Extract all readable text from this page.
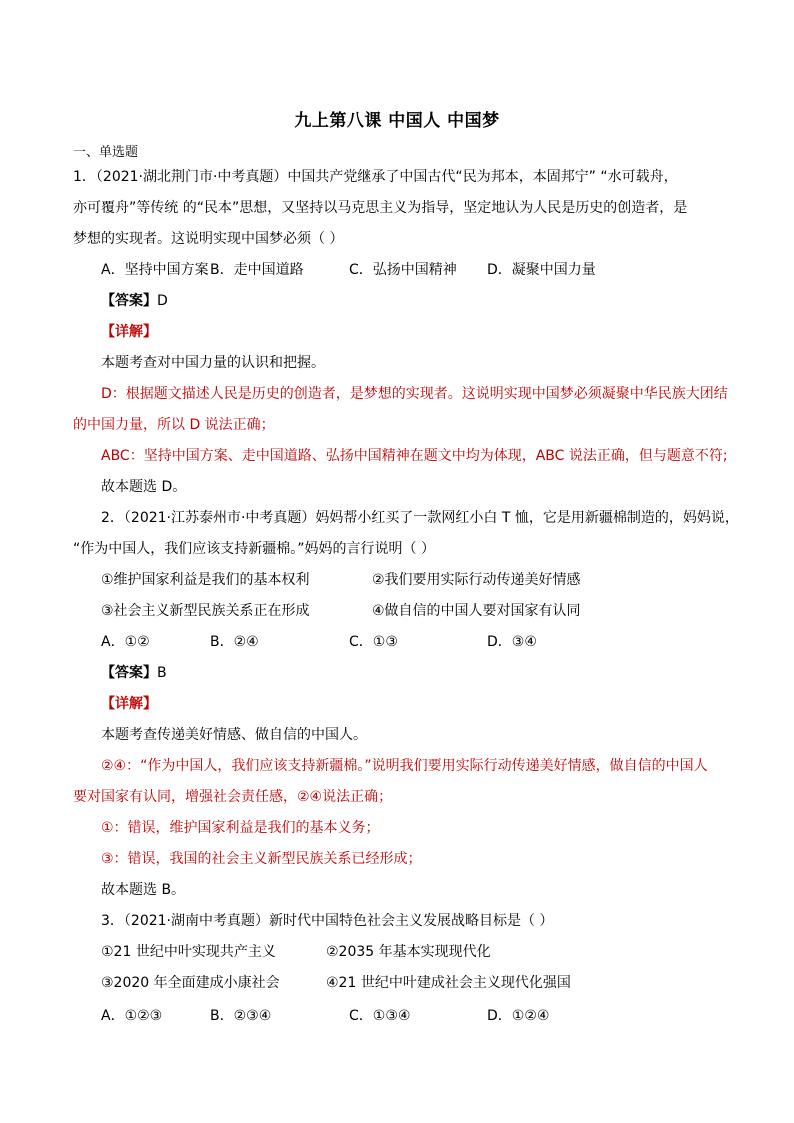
九上第八课 中国人 中国梦
一、单选题
1．（2021·湖北荆门市·中考真题）中国共产党继承了中国古代“民为邦本，本固邦宁” “水可载舟，
亦可覆舟”等传统 的“民本”思想，又坚持以马克思主义为指导，坚定地认为人民是历史的创造者，是
梦想的实现者。这说明实现中国梦必须（ ）
A．坚持中国方案 B．走中国道路	C．弘扬中国精神 D．凝聚中国力量
【答案】D
【详解】
本题考查对中国力量的认识和把握。
D：根据题文描述人民是历史的创造者，是梦想的实现者。这说明实现中国梦必须凝聚中华民族大团结
的中国力量，所以 D 说法正确；
ABC：坚持中国方案、走中国道路、弘扬中国精神在题文中均为体现，ABC 说法正确，但与题意不符;
故本题选 D。
2．（2021·江苏泰州市·中考真题）妈妈帮小红买了一款网红小白 T 恤，它是用新疆棉制造的，妈妈说，
“作为中国人，我们应该支持新疆棉。”妈妈的言行说明（ ）
①维护国家利益是我们的基本权利	②我们要用实际行动传递美好情感
③社会主义新型民族关系正在形成	④做自信的中国人要对国家有认同
A．①②	B．②④	C．①③	D．③④
【答案】B
【详解】
本题考查传递美好情感、做自信的中国人。
②④：“作为中国人，我们应该支持新疆棉。”说明我们要用实际行动传递美好情感，做自信的中国人
要对国家有认同，增强社会责任感，②④说法正确；
①：错误，维护国家利益是我们的基本义务；
③：错误，我国的社会主义新型民族关系已经形成；
故本题选 B。
3．（2021·湖南中考真题）新时代中国特色社会主义发展战略目标是（ ）
①21 世纪中叶实现共产主义	②2035 年基本实现现代化
③2020 年全面建成小康社会	④21 世纪中叶建成社会主义现代化强国
A．①②③	B．②③④	C．①③④	D．①②④
